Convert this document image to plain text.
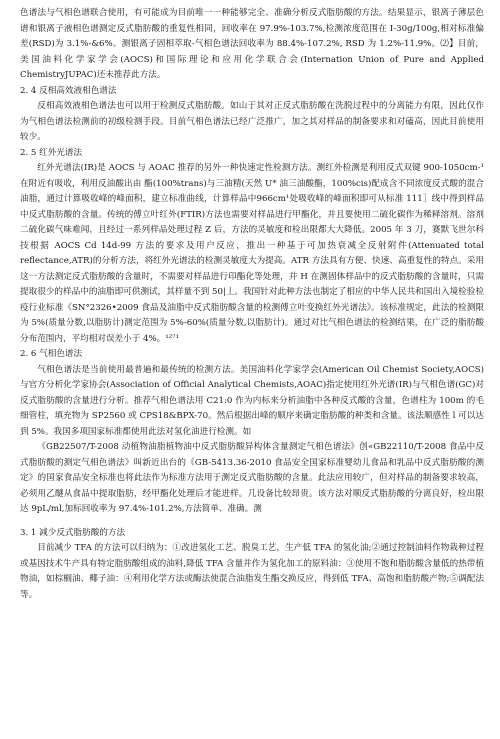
色谱法与气相色谱联合使用，有可能成为目前唯一一种能够完全、准确分析反式脂肪酸的方法。结果显示，银离子薄层色谱和银离子液相色谱测定反式脂肪酸的重复性相同，回收率在 97.9%-103.7%,检测浓度范围在 I-30g/100g,相对标准偏差(RSD)为 3.1%-&6%。测银离子固相萃取-气相色谱法回收率为 88.4%-107.2%, RSD 为 1.2%-11.9%。⑵】目前，美国油料化学家学会(AOCS)和国际理论和应用化学联合会(Internation Union of Pure and Applied ChemistryJUPAC)还未推荐此方法。

2. 4 反相高效液相色谱法

反相高效液相色谱法也可以用于检测反式脂肪酸。如山于其对正反式脂肪酸在洗脱过程中的分离能力有限，因此仅作为气相色谱法检测前的初级检测手段。目前气相色谱法已经广泛推广，加之其对样品的制备要求和对磕高，因此目前使用较少。

2. 5 红外光谱法

红外光谱法(IR)是 AOCS 与 AOAC 推荐的另外一种快速定性检测方法。测红外检测是利用反式双键 900-1050cm-¹在附近有吸收，利用反油酸出由 酯(100%trans)与三油精(天然 U* 油三油酸酯，100%cis)配成含不同浓度反式酸的混合油脂，通过计算吸收峰的峰面积，建立标准曲线，计算样品中966cm¹处吸收峰的峰面积即可从标准 111］线中得到样品中反式脂肪酸的含量。传统的傅立叶红外(FTIR)方法也需要对样品进行甲酯化，并且要使用二硫化碳作为稀释溶剂。溶剂二硫化碳气味难闻，且经过一系列样品处理过程 Z 后，方法的灵敏度和检出限都大大降低。2005 年 3 刀，赛默飞世尔科技根据 AOCS Cd 14d-99 方法的要求及用户反应，推出一种基于可加热衰减全反射附件(Attenuated total reflectance,ATR)的分析方法，将红外光谱法的检测灵敏度大为提高。ATR 方法具有方便、快速、高重复性的特点。采用这一方法测定反式脂肪酸的含量时，不需要对样品进行印酯化等处理，并 H 在测固体样品中的反式脂肪酸的含量时，只需提取很少的样品中的油脂即可供测试，其样量不到 50|丄。我国针对此种方法也制定了相应的中华人民共和国出入境检验检疫行业标准《SN°2326•2009 食品及油脂中反式脂肪酸含量的检测傅立叶变换红外光谱法》。该标准规定，此法的检测限为 5%(质量分数,以脂肪计)测定范围为 5%-60%(质量分数,以脂肪计)。通过对比气相色谱法的检测结果，在广泛的脂肪酸分布范围内，平均相对误差小于 4%。¹²⁷¹

2. 6 气相色谱法

气相色谱法是当前使用最普遍和最传统的检测方法。美国油料化学家学会(American Oil Chemist Society,AOCS)与官方分析化学家协会(Association of Official Analytical Chemists,AOAC)指定使用红外光谱(IR)与气相色谱(GC)对反式脂肪酸的含量进行分析。推荐气相色谱法用 C21:0 作为内标来分析油脂中各种反式酸的含量，色谱柱为 100m 的毛细管柱，填充物为 SP2560 或 CPS18&BPX-70。然后根据出峰的顺序来确定脂肪酸的种类和含量。该法顺感性 l 可以达到 5%。我国多项国家标准都使用此法对氢化油进行检测。如

《GB22507/T-2008 动植物油脂植物油中反式脂肪酸异构体含量测定气相色谱法》创«GB22110/T-2008 食品中反式脂肪酸的测定气相色谱法》叫新近出台的《GB-5413.36-2010 食品安全国家标准婴幼儿食品和乳品中反式脂肪酸的测定》的国家食品安全标准也将此法作为标准方法用于测定反式脂肪酸的含量。此法应用较广，但对样品的制备要求较高，必须用乙醚从食品中提取脂肪，经甲酯化处理后才能进样。几设备比较昂贵。该方法对顺反式脂肪酸的分离良好，检出限达 9pL/ml,加标回收率为 97.4%-101.2%,方法简单、准确。测

3. 1 减少反式脂肪酸的方法

目前减少 TFA 的方法可以归纳为：①改进氢化工艺、脱臭工艺，生产低 TFA 的氢化油;②通过控制油料作物栽种过程或基因技术牛产具有特定脂肪酸组成的油料,降低 TFA 含量并作为氢化加工的原料油：③使用不饱和脂肪酸含量低的热带植物油，如棕榈油、椰子油：④利用化学方法或酶法使混合油脂发生酯交换反应，得到低 TFA、高饱和脂肪酸产物;⑤调配法等。
